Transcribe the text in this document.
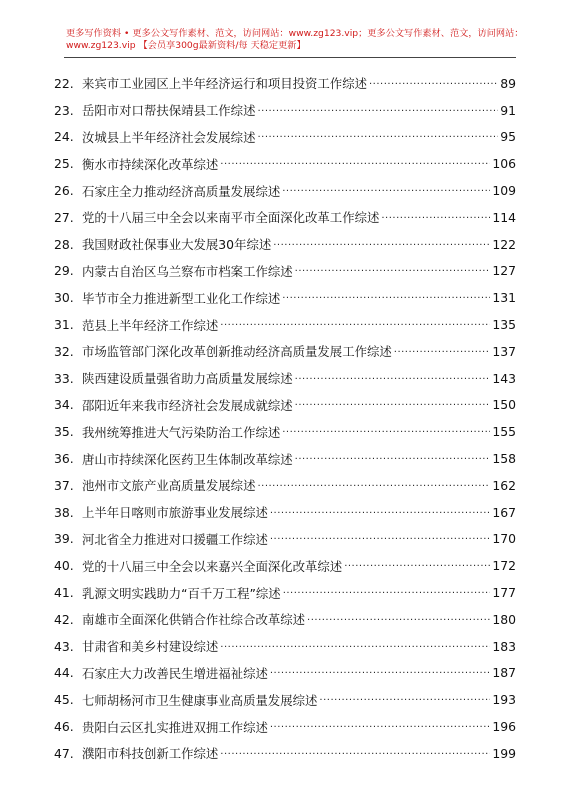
更多写作资料 • 更多公文写作素材、范文，访问网站：www.zg123.vip；更多公文写作素材、范文，访问网站：
www.zg123.vip 【会员享300g最新资料/每 天稳定更新】
22. 来宾市工业园区上半年经济运行和项目投资工作综述 ·····	89
23. 岳阳市对口帮扶保靖县工作综述 ·····	91
24. 汝城县上半年经济社会发展综述 ·····	95
25. 衡水市持续深化改革综述 ·····	106
26. 石家庄全力推动经济高质量发展综述 ·····	109
27. 党的十八届三中全会以来南平市全面深化改革工作综述 ·····	114
28. 我国财政社保事业大发展30年综述 ·····	122
29. 内蒙古自治区乌兰察布市档案工作综述 ·····	127
30. 毕节市全力推进新型工业化工作综述 ·····	131
31. 范县上半年经济工作综述 ·····	135
32. 市场监管部门深化改革创新推动经济高质量发展工作综述 ·····	137
33. 陕西建设质量强省助力高质量发展综述 ·····	143
34. 邵阳近年来我市经济社会发展成就综述 ·····	150
35. 我州统筹推进大气污染防治工作综述 ·····	155
36. 唐山市持续深化医药卫生体制改革综述 ·····	158
37. 池州市文旅产业高质量发展综述 ·····	162
38. 上半年日喀则市旅游事业发展综述 ·····	167
39. 河北省全力推进对口援疆工作综述 ·····	170
40. 党的十八届三中全会以来嘉兴全面深化改革综述 ·····	172
41. 乳源文明实践助力“百千万工程”综述 ·····	177
42. 南雄市全面深化供销合作社综合改革综述 ·····	180
43. 甘肃省和美乡村建设综述 ·····	183
44. 石家庄大力改善民生增进福祉综述 ·····	187
45. 七师胡杨河市卫生健康事业高质量发展综述 ·····	193
46. 贵阳白云区扎实推进双拥工作综述 ·····	196
47. 濮阳市科技创新工作综述 ·····	199
